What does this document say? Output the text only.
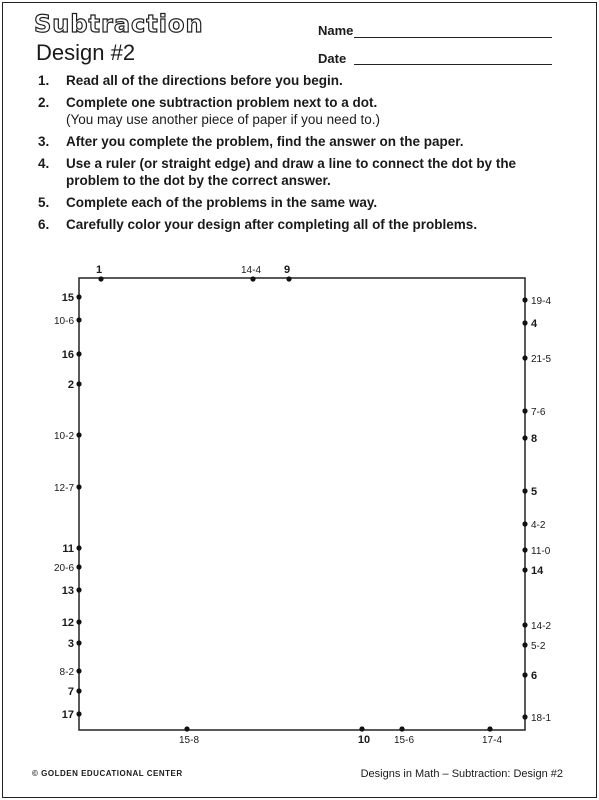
Subtraction
Design #2
Name
Date
1.	Read all of the directions before you begin.
2.	Complete one subtraction problem next to a dot.
(You may use another piece of paper if you need to.)
3.	After you complete the problem, find the answer on the paper.
4.	Use a ruler (or straight edge) and draw a line to connect the dot by the problem to the dot by the correct answer.
5.	Complete each of the problems in the same way.
6.	Carefully color your design after completing all of the problems.
15
10-6
16
2
10-2
12-7
11
20-6
13
12
3
8-2
7
17
19-4
4
21-5
7-6
8
5
4-2
11-0
14
14-2
5-2
6
18-1
1	14-4 9
15-8	10 15-6	17-4
© GOLDEN EDUCATIONAL CENTER	Designs in Math – Subtraction: Design #2
